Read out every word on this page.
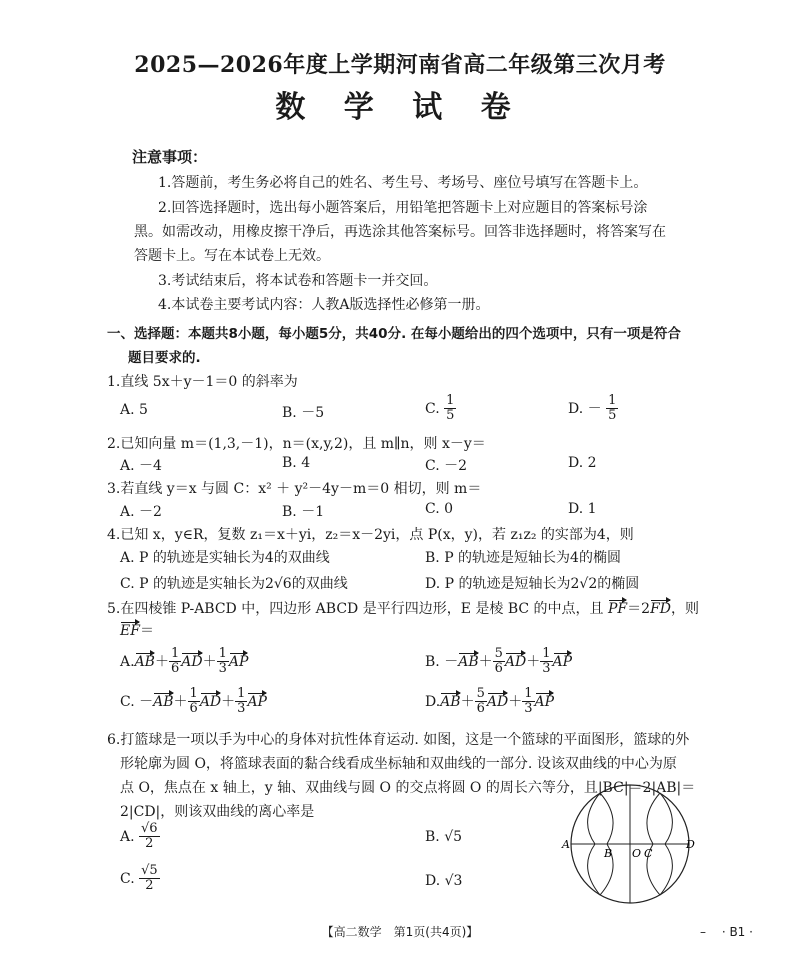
2025—2026年度上学期河南省高二年级第三次月考
数 学 试 卷
注意事项：
1.答题前，考生务必将自己的姓名、考生号、考场号、座位号填写在答题卡上。
2.回答选择题时，选出每小题答案后，用铅笔把答题卡上对应题目的答案标号涂
黑。如需改动，用橡皮擦干净后，再选涂其他答案标号。回答非选择题时，将答案写在
答题卡上。写在本试卷上无效。
3.考试结束后，将本试卷和答题卡一并交回。
4.本试卷主要考试内容：人教A版选择性必修第一册。
一、选择题：本题共8小题，每小题5分，共40分. 在每小题给出的四个选项中，只有一项是符合
题目要求的.
1.直线 5x＋y－1＝0 的斜率为
A. 5	B. －5	C. $\frac{1}{5}$	D. － $\frac{1}{5}$
2.已知向量 m＝(1,3,－1)，n＝(x,y,2)，且 m∥n，则 x－y＝
A. －4	B. 4	C. －2	D. 2
3.若直线 y＝x 与圆 C：x² ＋ y²－4y－m＝0 相切，则 m＝
A. －2	B. －1	C. 0	D. 1
4.已知 x，y∈R，复数 z₁＝x＋yi，z₂＝x－2yi，点 P(x，y)，若 z₁z₂ 的实部为4，则
A. P 的轨迹是实轴长为4的双曲线	B. P 的轨迹是短轴长为4的椭圆
C. P 的轨迹是实轴长为2√6的双曲线	D. P 的轨迹是短轴长为2√2的椭圆
5.在四棱锥 P-ABCD 中，四边形 ABCD 是平行四边形，E 是棱 BC 的中点，且 PF＝2FD，则
EF＝
$A.AB+ \frac{1}{6} AD+ \frac{1}{3}$ AP	B. $-AB+ \frac{5}{6} AD+ \frac{1}{3}$ AP
C. $-AB+ \frac{1}{6} AD+ \frac{1}{3}$ AP	$D.AB+ \frac{5}{6} AD+ \frac{1}{3}$ AP
6.打篮球是一项以手为中心的身体对抗性体育运动. 如图，这是一个篮球的平面图形，篮球的外
形轮廓为圆 O，将篮球表面的黏合线看成坐标轴和双曲线的一部分. 设该双曲线的中心为原
点 O，焦点在 x 轴上，y 轴、双曲线与圆 O 的交点将圆 O 的周长六等分，且|BC|＝2|AB|＝
2|CD|，则该双曲线的离心率是
A. $\frac{√6}{2}$	B. √5
C. $\frac{√5}{2}$	D. √3
A
B O C
D
【高二数学　第1页(共4页)】	– 　· B1 ·
